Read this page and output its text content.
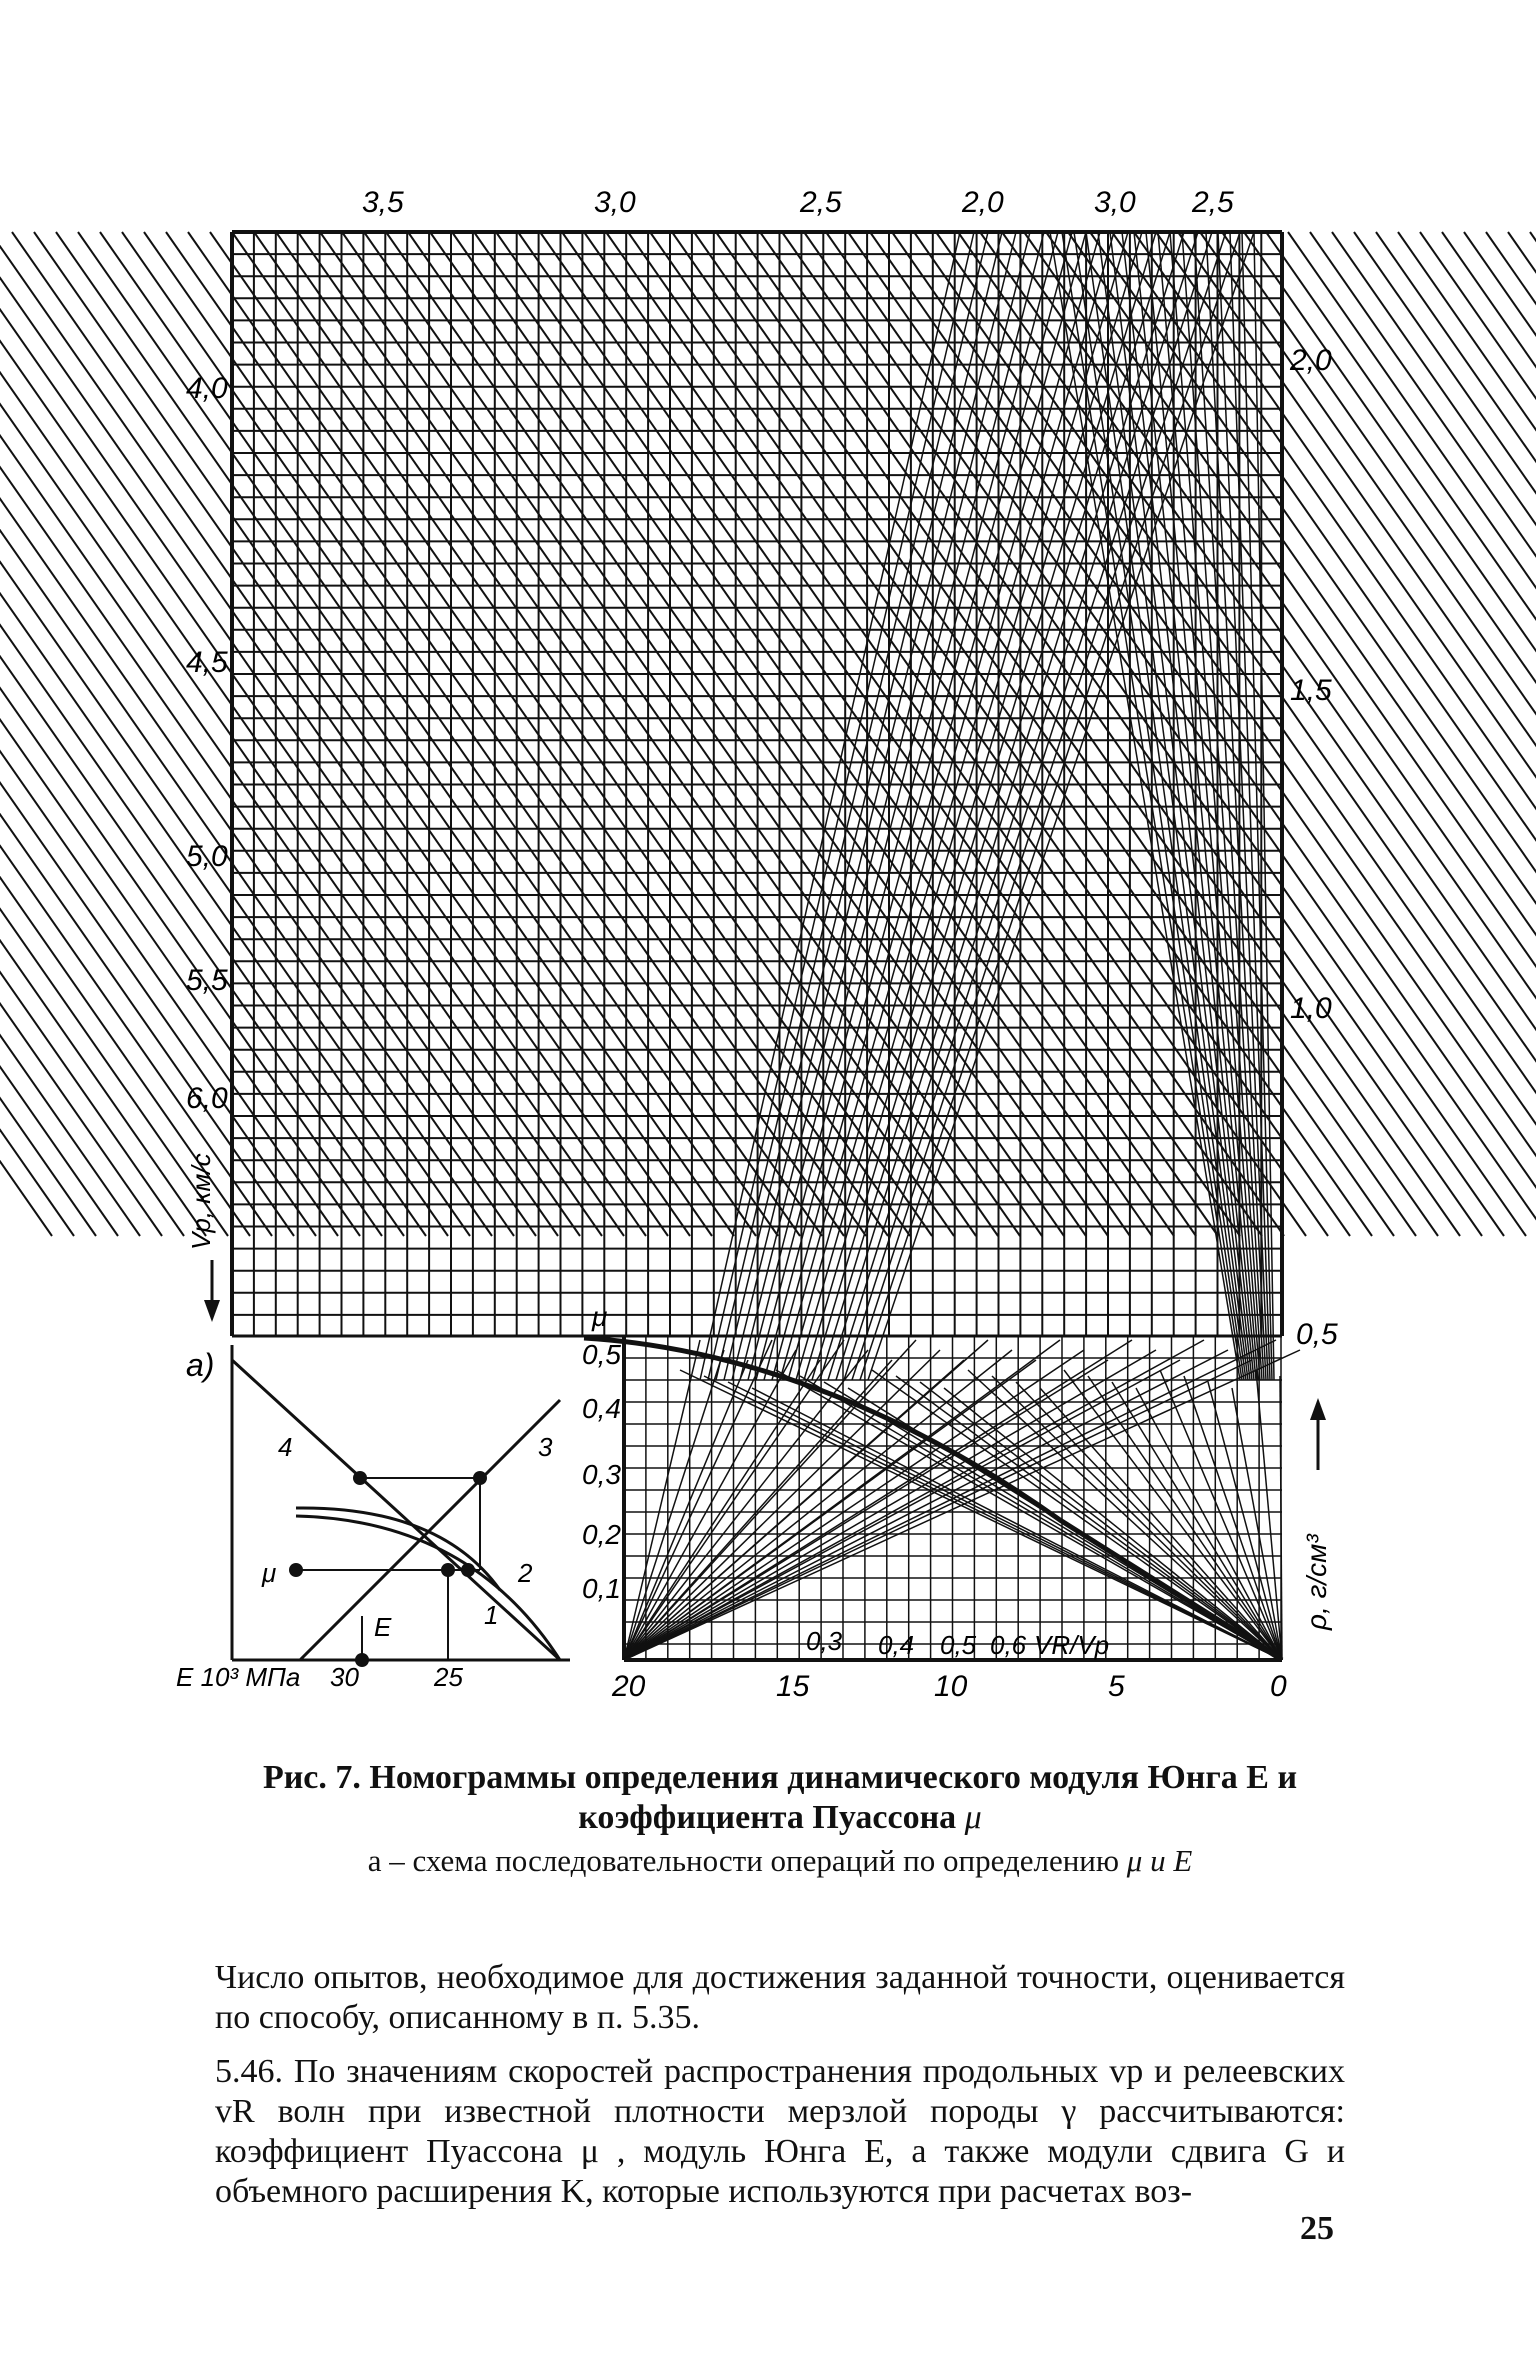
3,5	3,0	2,5	2,0	3,0 2,5
4,0
4,5
5,0
5,5
6,0
Vр, км/с
2,0
1,5
1,0
0,5
ρ, г/см³
μ
0,5
0,4
0,3
0,2
0,1
20	15	10	5	0
0,3 0,4 0,5 0,6 VR/Vр
а)
E 10³ МПа 30	25
1
2
3
4
μ
E
Рис. 7. Номограммы определения динамического модуля Юнга Е и коэффициента Пуассона μ
а – схема последовательности операций по определению μ и E

Число опытов, необходимое для достижения заданной точности, оценивается по способу, описанному в п. 5.35.

5.46. По значениям скоростей распространения продольных vр и релеевских vR волн при известной плотности мерзлой породы γ рассчитываются: коэффициент Пуассона μ , модуль Юнга E, а также модули сдвига G и объемного расширения K, которые используются при расчетах воз-

25
